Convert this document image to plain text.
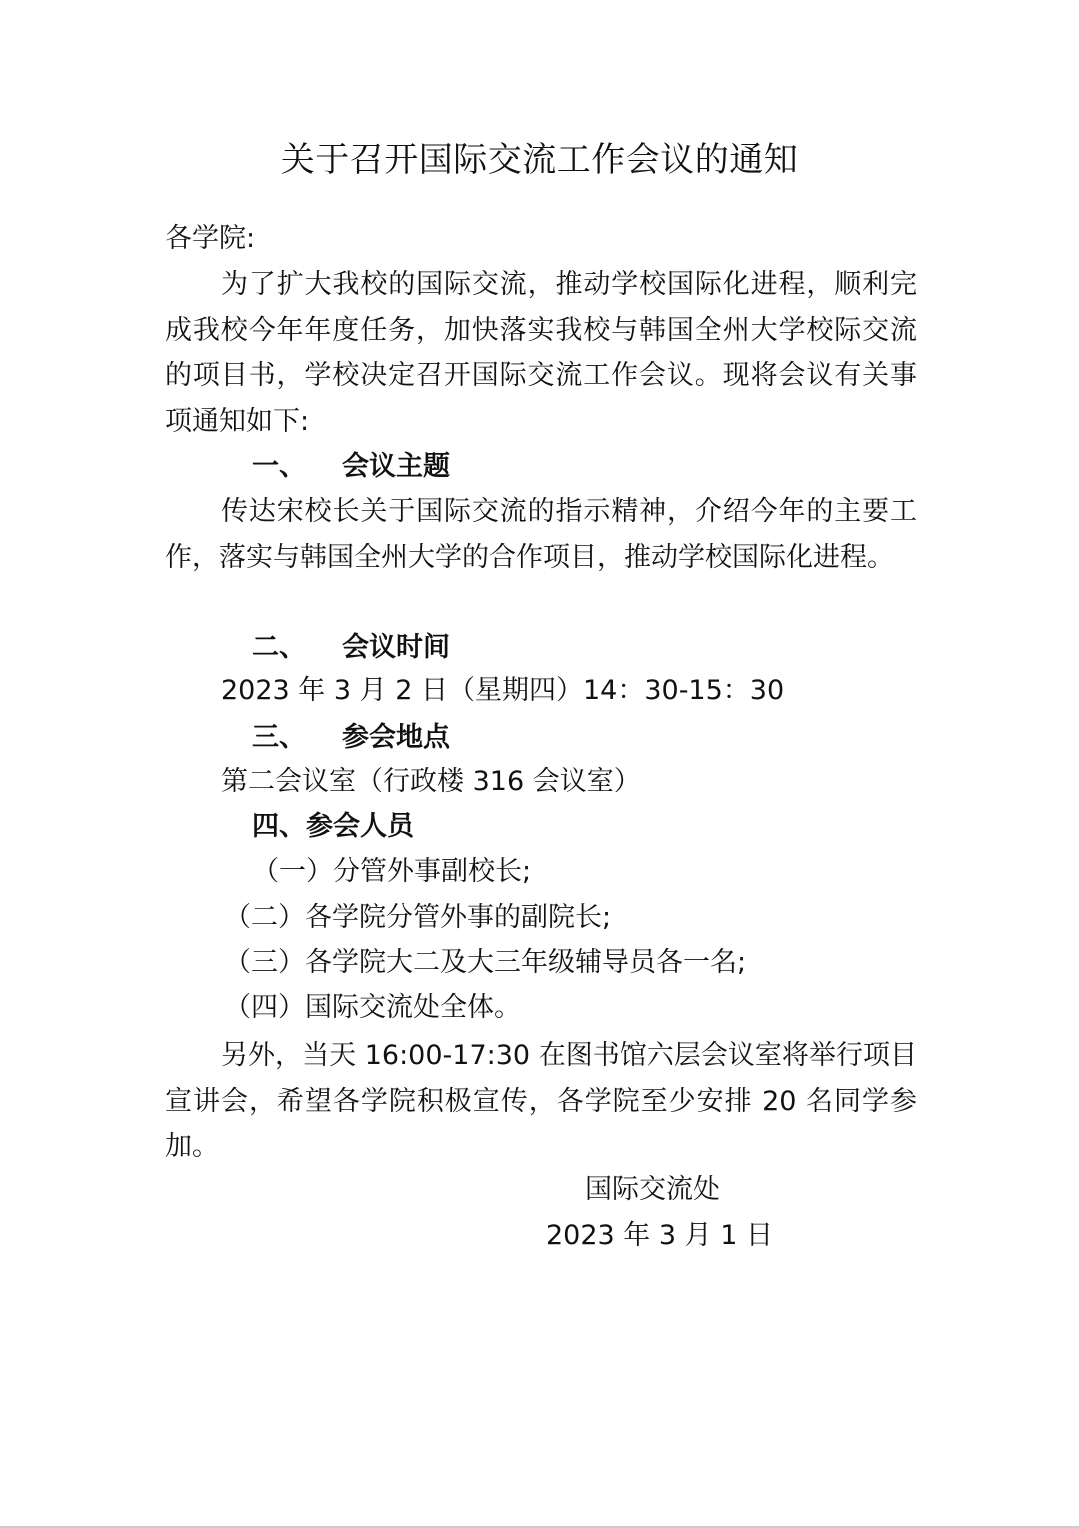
关于召开国际交流工作会议的通知
各学院:
为了扩大我校的国际交流，推动学校国际化进程，顺利完成我校今年年度任务，加快落实我校与韩国全州大学校际交流的项目书，学校决定召开国际交流工作会议。现将会议有关事项通知如下:
一、 会议主题
传达宋校长关于国际交流的指示精神，介绍今年的主要工作，落实与韩国全州大学的合作项目，推动学校国际化进程。
二、 会议时间
2023 年 3 月 2 日（星期四）14：30-15：30
三、 参会地点
第二会议室（行政楼 316 会议室）
四、参会人员
（一）分管外事副校长;
（二）各学院分管外事的副院长;
（三）各学院大二及大三年级辅导员各一名;
（四）国际交流处全体。
另外，当天 16:00-17:30 在图书馆六层会议室将举行项目宣讲会，希望各学院积极宣传，各学院至少安排 20 名同学参加。
国际交流处
2023 年 3 月 1 日
